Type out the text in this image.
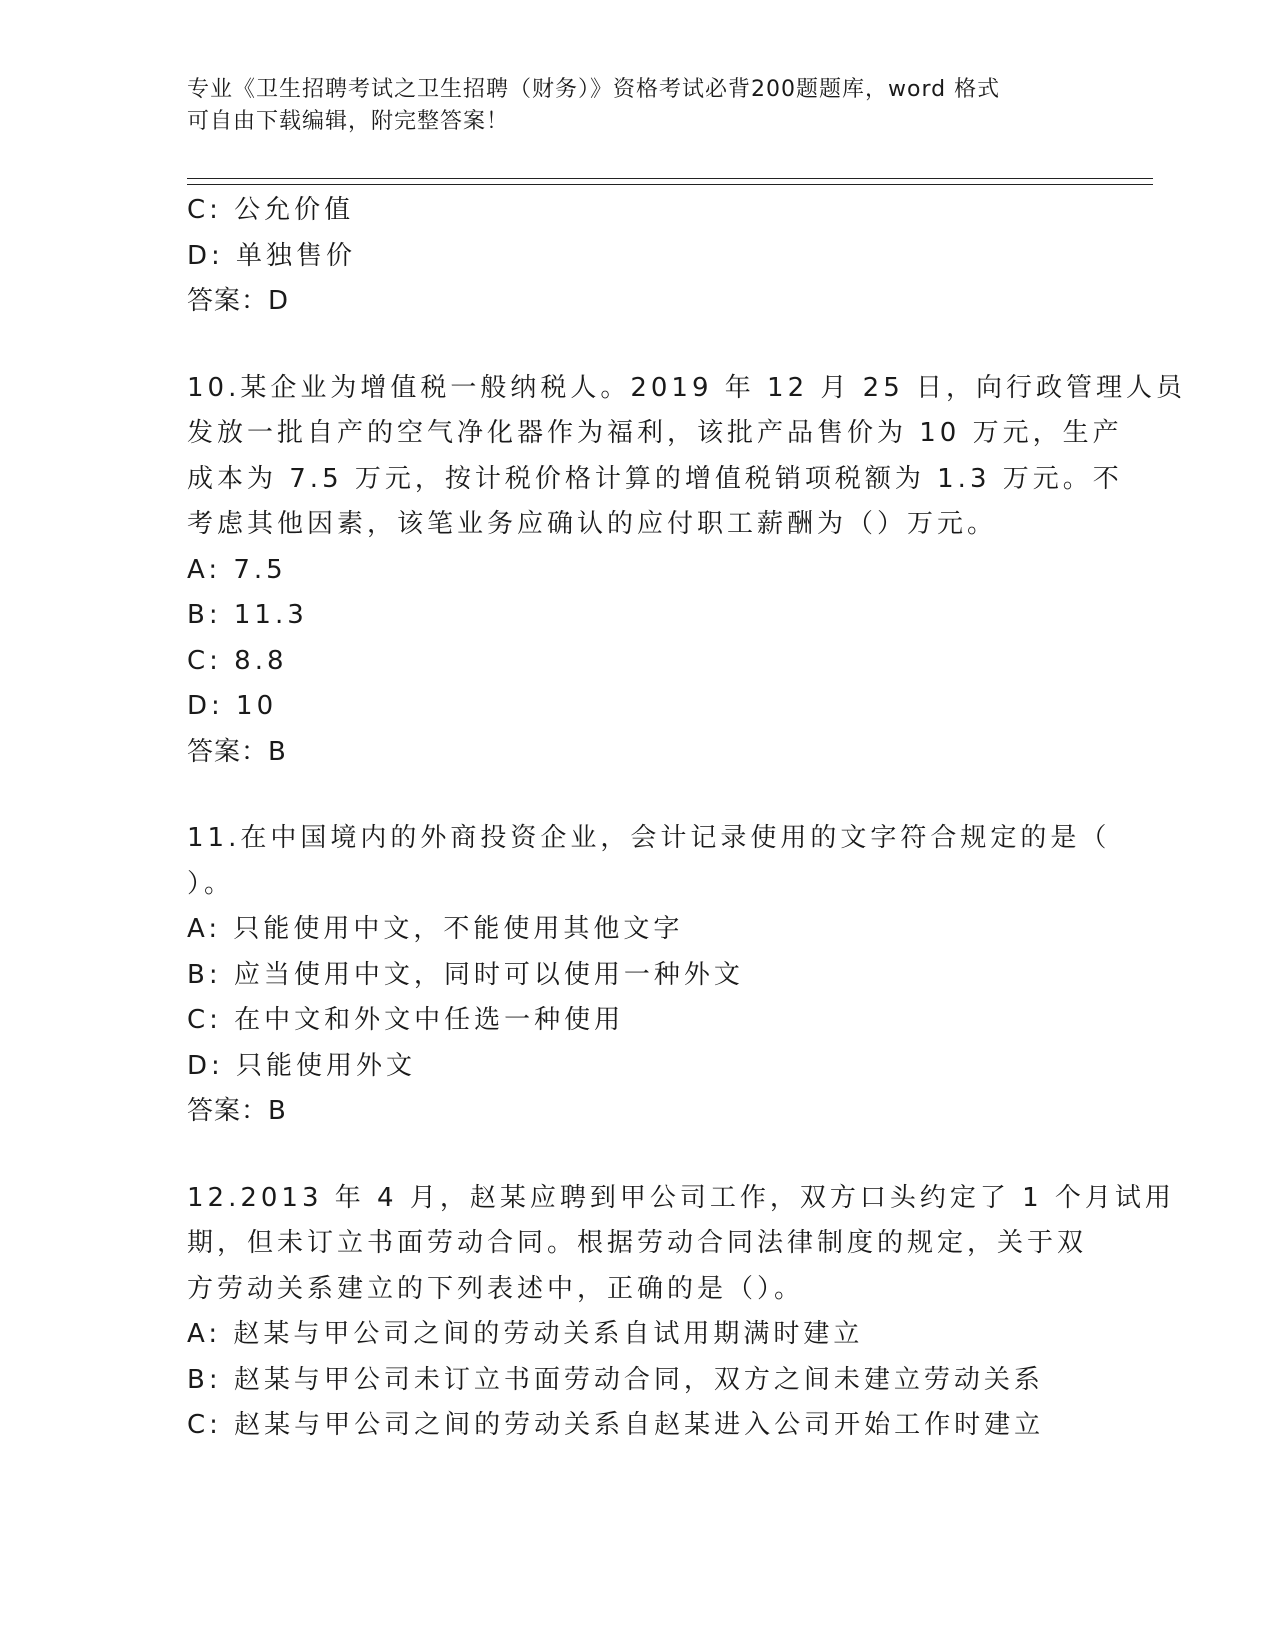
专业《卫生招聘考试之卫生招聘（财务）》资格考试必背200题题库，word 格式
可自由下载编辑，附完整答案！
C: 公允价值
D: 单独售价
答案：D
10.某企业为增值税一般纳税人。2019 年 12 月 25 日，向行政管理人员
发放一批自产的空气净化器作为福利，该批产品售价为 10 万元，生产
成本为 7.5 万元，按计税价格计算的增值税销项税额为 1.3 万元。不
考虑其他因素，该笔业务应确认的应付职工薪酬为（）万元。
A: 7.5
B: 11.3
C: 8.8
D: 10
答案：B
11.在中国境内的外商投资企业，会计记录使用的文字符合规定的是（
）。
A: 只能使用中文，不能使用其他文字
B: 应当使用中文，同时可以使用一种外文
C: 在中文和外文中任选一种使用
D: 只能使用外文
答案：B
12.2013 年 4 月，赵某应聘到甲公司工作，双方口头约定了 1 个月试用
期，但未订立书面劳动合同。根据劳动合同法律制度的规定，关于双
方劳动关系建立的下列表述中，正确的是（）。
A: 赵某与甲公司之间的劳动关系自试用期满时建立
B: 赵某与甲公司未订立书面劳动合同，双方之间未建立劳动关系
C: 赵某与甲公司之间的劳动关系自赵某进入公司开始工作时建立
